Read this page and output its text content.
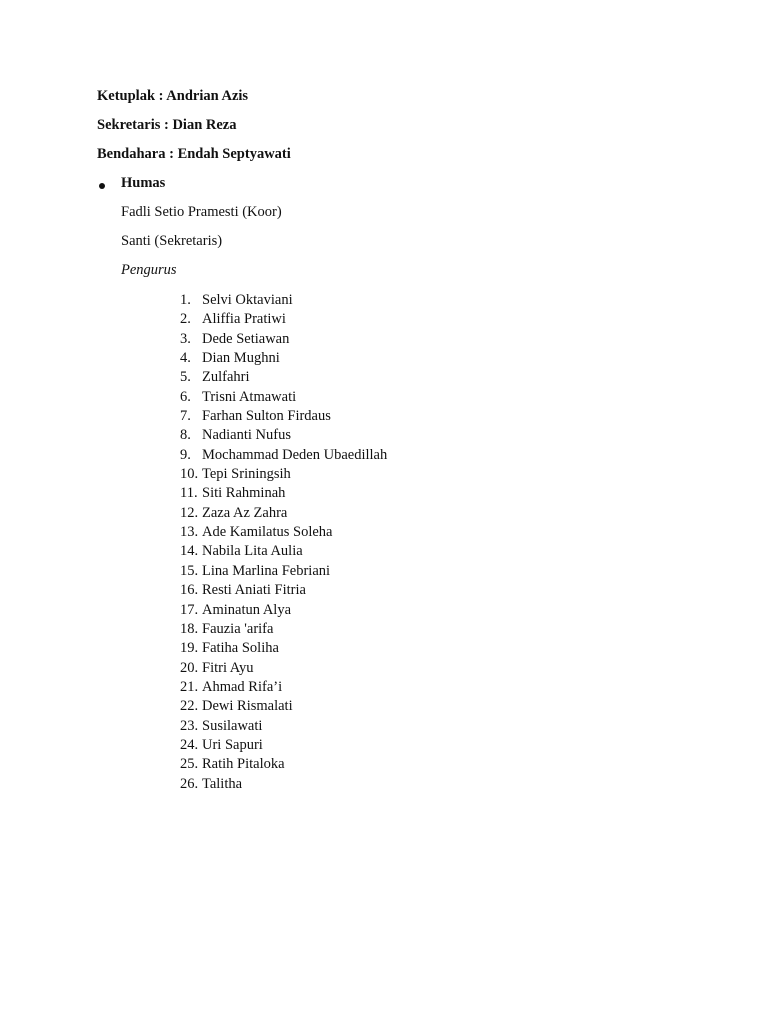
Ketuplak : Andrian Azis
Sekretaris : Dian Reza
Bendahara : Endah Septyawati
Humas
Fadli Setio Pramesti (Koor)
Santi (Sekretaris)
Pengurus
1. Selvi Oktaviani
2. Aliffia Pratiwi
3. Dede Setiawan
4. Dian Mughni
5. Zulfahri
6. Trisni Atmawati
7. Farhan Sulton Firdaus
8. Nadianti Nufus
9. Mochammad Deden Ubaedillah
10. Tepi Sriningsih
11. Siti Rahminah
12. Zaza Az Zahra
13. Ade Kamilatus Soleha
14. Nabila Lita Aulia
15. Lina Marlina Febriani
16. Resti Aniati Fitria
17. Aminatun Alya
18. Fauzia 'arifa
19. Fatiha Soliha
20. Fitri Ayu
21. Ahmad Rifa’i
22. Dewi Rismalati
23. Susilawati
24. Uri Sapuri
25. Ratih Pitaloka
26. Talitha
